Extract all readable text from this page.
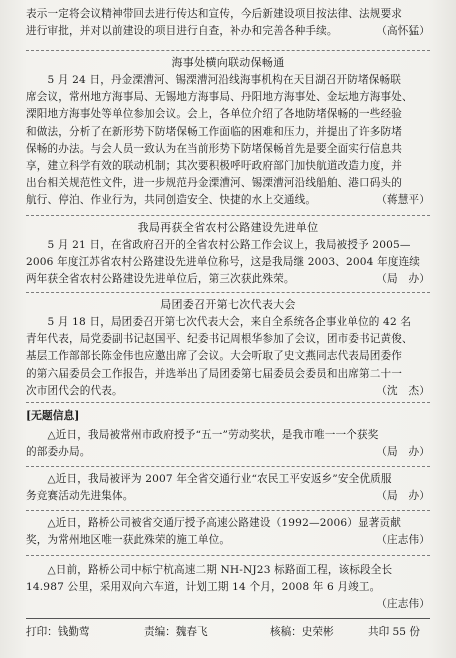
表示一定将会议精神带回去进行传达和宣传，今后新建设项目按法律、法规要求
进行审批，并对以前建设的项目进行自查，补办和完善各种手续。	（高怀猛）
海事处横向联动保畅通
　　5 月 24 日，丹金溧漕河、锡溧漕河沿线海事机构在天目湖召开防堵保畅联
席会议，常州地方海事局、无锡地方海事局、丹阳地方海事处、金坛地方海事处、
溧阳地方海事处等单位参加会议。会上，各单位介绍了各地防堵保畅的一些经验
和做法，分析了在新形势下防堵保畅工作面临的困难和压力，并提出了许多防堵
保畅的办法。与会人员一致认为在当前形势下防堵保畅首先是要全面实行信息共
享，建立科学有效的联动机制；其次要积极呼吁政府部门加快航道改造力度，并
出台相关规范性文件，进一步规范丹金溧漕河、锡溧漕河沿线船舶、港口码头的
航行、停泊、作业行为，共同创造安全、快捷的水上交通线。	（蒋慧平）
我局再获全省农村公路建设先进单位
　　5 月 21 日，在省政府召开的全省农村公路工作会议上，我局被授予 2005—
2006 年度江苏省农村公路建设先进单位称号，这是我局继 2003、2004 年度连续
两年获全省农村公路建设先进单位后，第三次获此殊荣。	（局　办）
局团委召开第七次代表大会
　　5 月 18 日，局团委召开第七次代表大会，来自全系统各企事业单位的 42 名
青年代表，局党委副书记赵国平、纪委书记周根华参加了会议，团市委书记黄俊、
基层工作部部长陈金伟也应邀出席了会议。大会听取了史文燕同志代表局团委作
的第六届委员会工作报告，并选举出了局团委第七届委员会委员和出席第二十一
次市团代会的代表。	（沈　杰）
[无题信息]
　　△近日，我局被常州市政府授予“五一”劳动奖状，是我市唯一一个获奖
的部委办局。	（局　办）
　　△近日，我局被评为 2007 年全省交通行业“农民工平安返乡”安全优质服
务竞赛活动先进集体。	（局　办）
　　△近日，路桥公司被省交通厅授予高速公路建设（1992—2006）显著贡献
奖，为常州地区唯一获此殊荣的施工单位。	（庄志伟）
　　△日前，路桥公司中标宁杭高速二期 NH-NJ23 标路面工程，该标段全长
14.987 公里，采用双向六车道，计划工期 14 个月，2008 年 6 月竣工。
（庄志伟）
打印：钱勤莺	责编：魏春飞	核稿：史荣彬	共印 55 份
